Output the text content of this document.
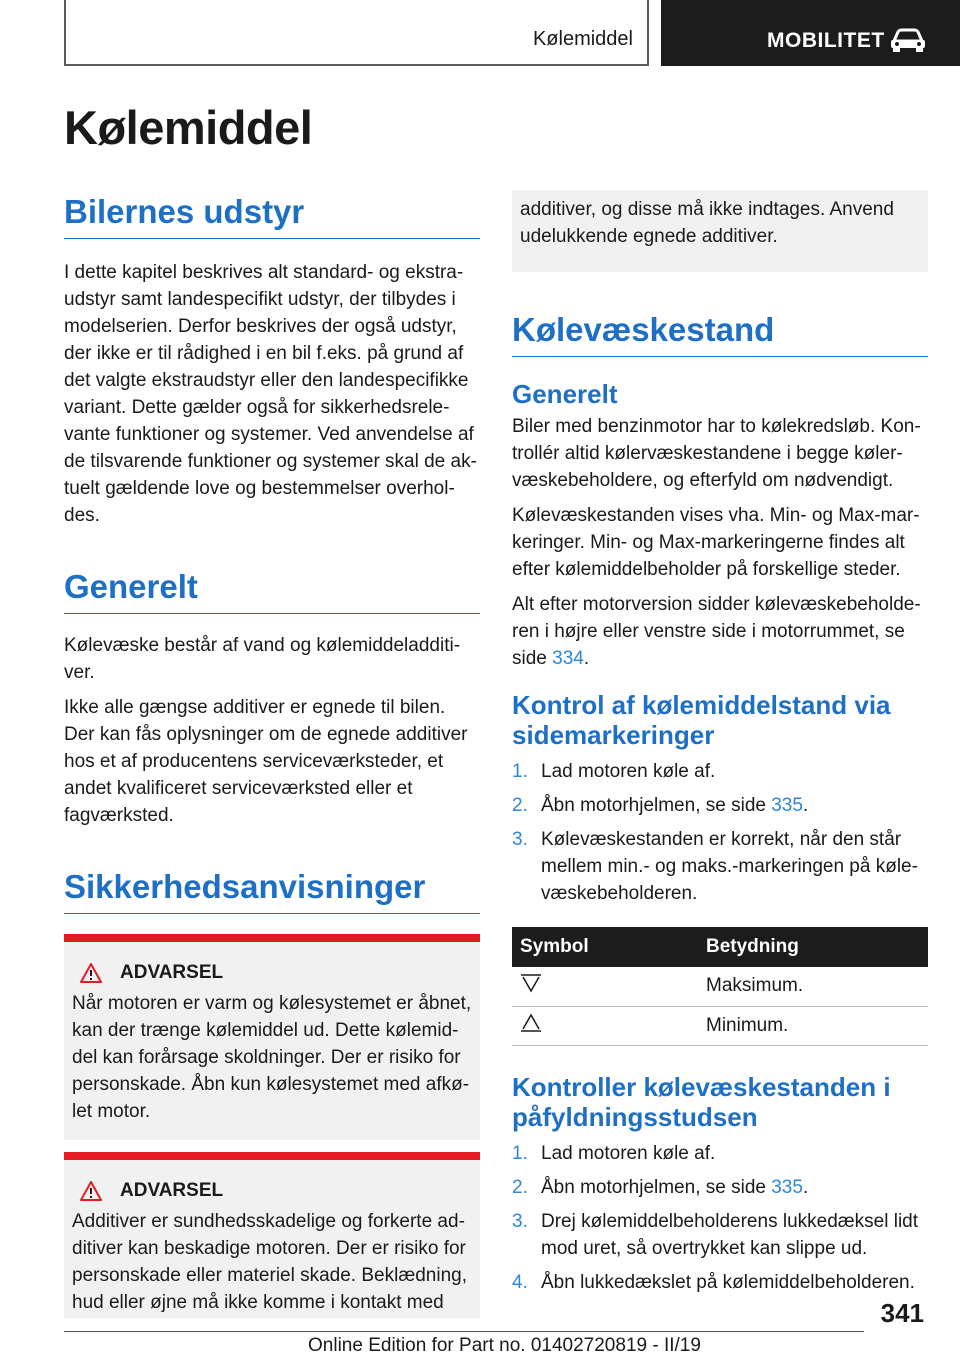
Kølemiddel	MOBILITET
Kølemiddel
Bilernes udstyr

I dette kapitel beskrives alt standard- og ekstraudstyr samt landespecifikt udstyr, der tilbydes i modelserien. Derfor beskrives der også udstyr, der ikke er til rådighed i en bil f.eks. på grund af det valgte ekstraudstyr eller den landespecifikke variant. Dette gælder også for sikkerhedsrelevante funktioner og systemer. Ved anvendelse af de tilsvarende funktioner og systemer skal de aktuelt gældende love og bestemmelser overholdes.

Generelt

Kølevæske består af vand og kølemiddeladditiver.

Ikke alle gængse additiver er egnede til bilen. Der kan fås oplysninger om de egnede additiver hos et af producentens serviceværksteder, et andet kvalificeret serviceværksted eller et fagværksted.

Sikkerhedsanvisninger
ADVARSEL

Når motoren er varm og kølesystemet er åbnet, kan der trænge kølemiddel ud. Dette kølemiddel kan forårsage skoldninger. Der er risiko for personskade. Åbn kun kølesystemet med afkølet motor.

ADVARSEL

Additiver er sundhedsskadelige og forkerte additiver kan beskadige motoren. Der er risiko for personskade eller materiel skade. Beklædning, hud eller øjne må ikke komme i kontakt med

additiver, og disse må ikke indtages. Anvend udelukkende egnede additiver.

Kølevæskestand
Generelt

Biler med benzinmotor har to kølekredsløb. Kontrollér altid kølervæskestandene i begge kølervæskebeholdere, og efterfyld om nødvendigt.

Kølevæskestanden vises vha. Min- og Max-markeringer. Min- og Max-markeringerne findes alt efter kølemiddelbeholder på forskellige steder.

Alt efter motorversion sidder kølevæskebeholderen i højre eller venstre side i motorrummet, se side 334.

Kontrol af kølemiddelstand via sidemarkeringer
1. Lad motoren køle af.
2. Åbn motorhjelmen, se side 335.
3. Kølevæskestanden er korrekt, når den står mellem min.- og maks.-markeringen på kølevæskebeholderen.
Symbol	Betydning
	Maksimum.
	Minimum.
Kontroller kølevæskestanden i påfyldningsstudsen
1. Lad motoren køle af.
2. Åbn motorhjelmen, se side 335.
3. Drej kølemiddelbeholderens lukkedæksel lidt mod uret, så overtrykket kan slippe ud.
4. Åbn lukkedækslet på kølemiddelbeholderen.
341
Online Edition for Part no. 01402720819 - II/19
